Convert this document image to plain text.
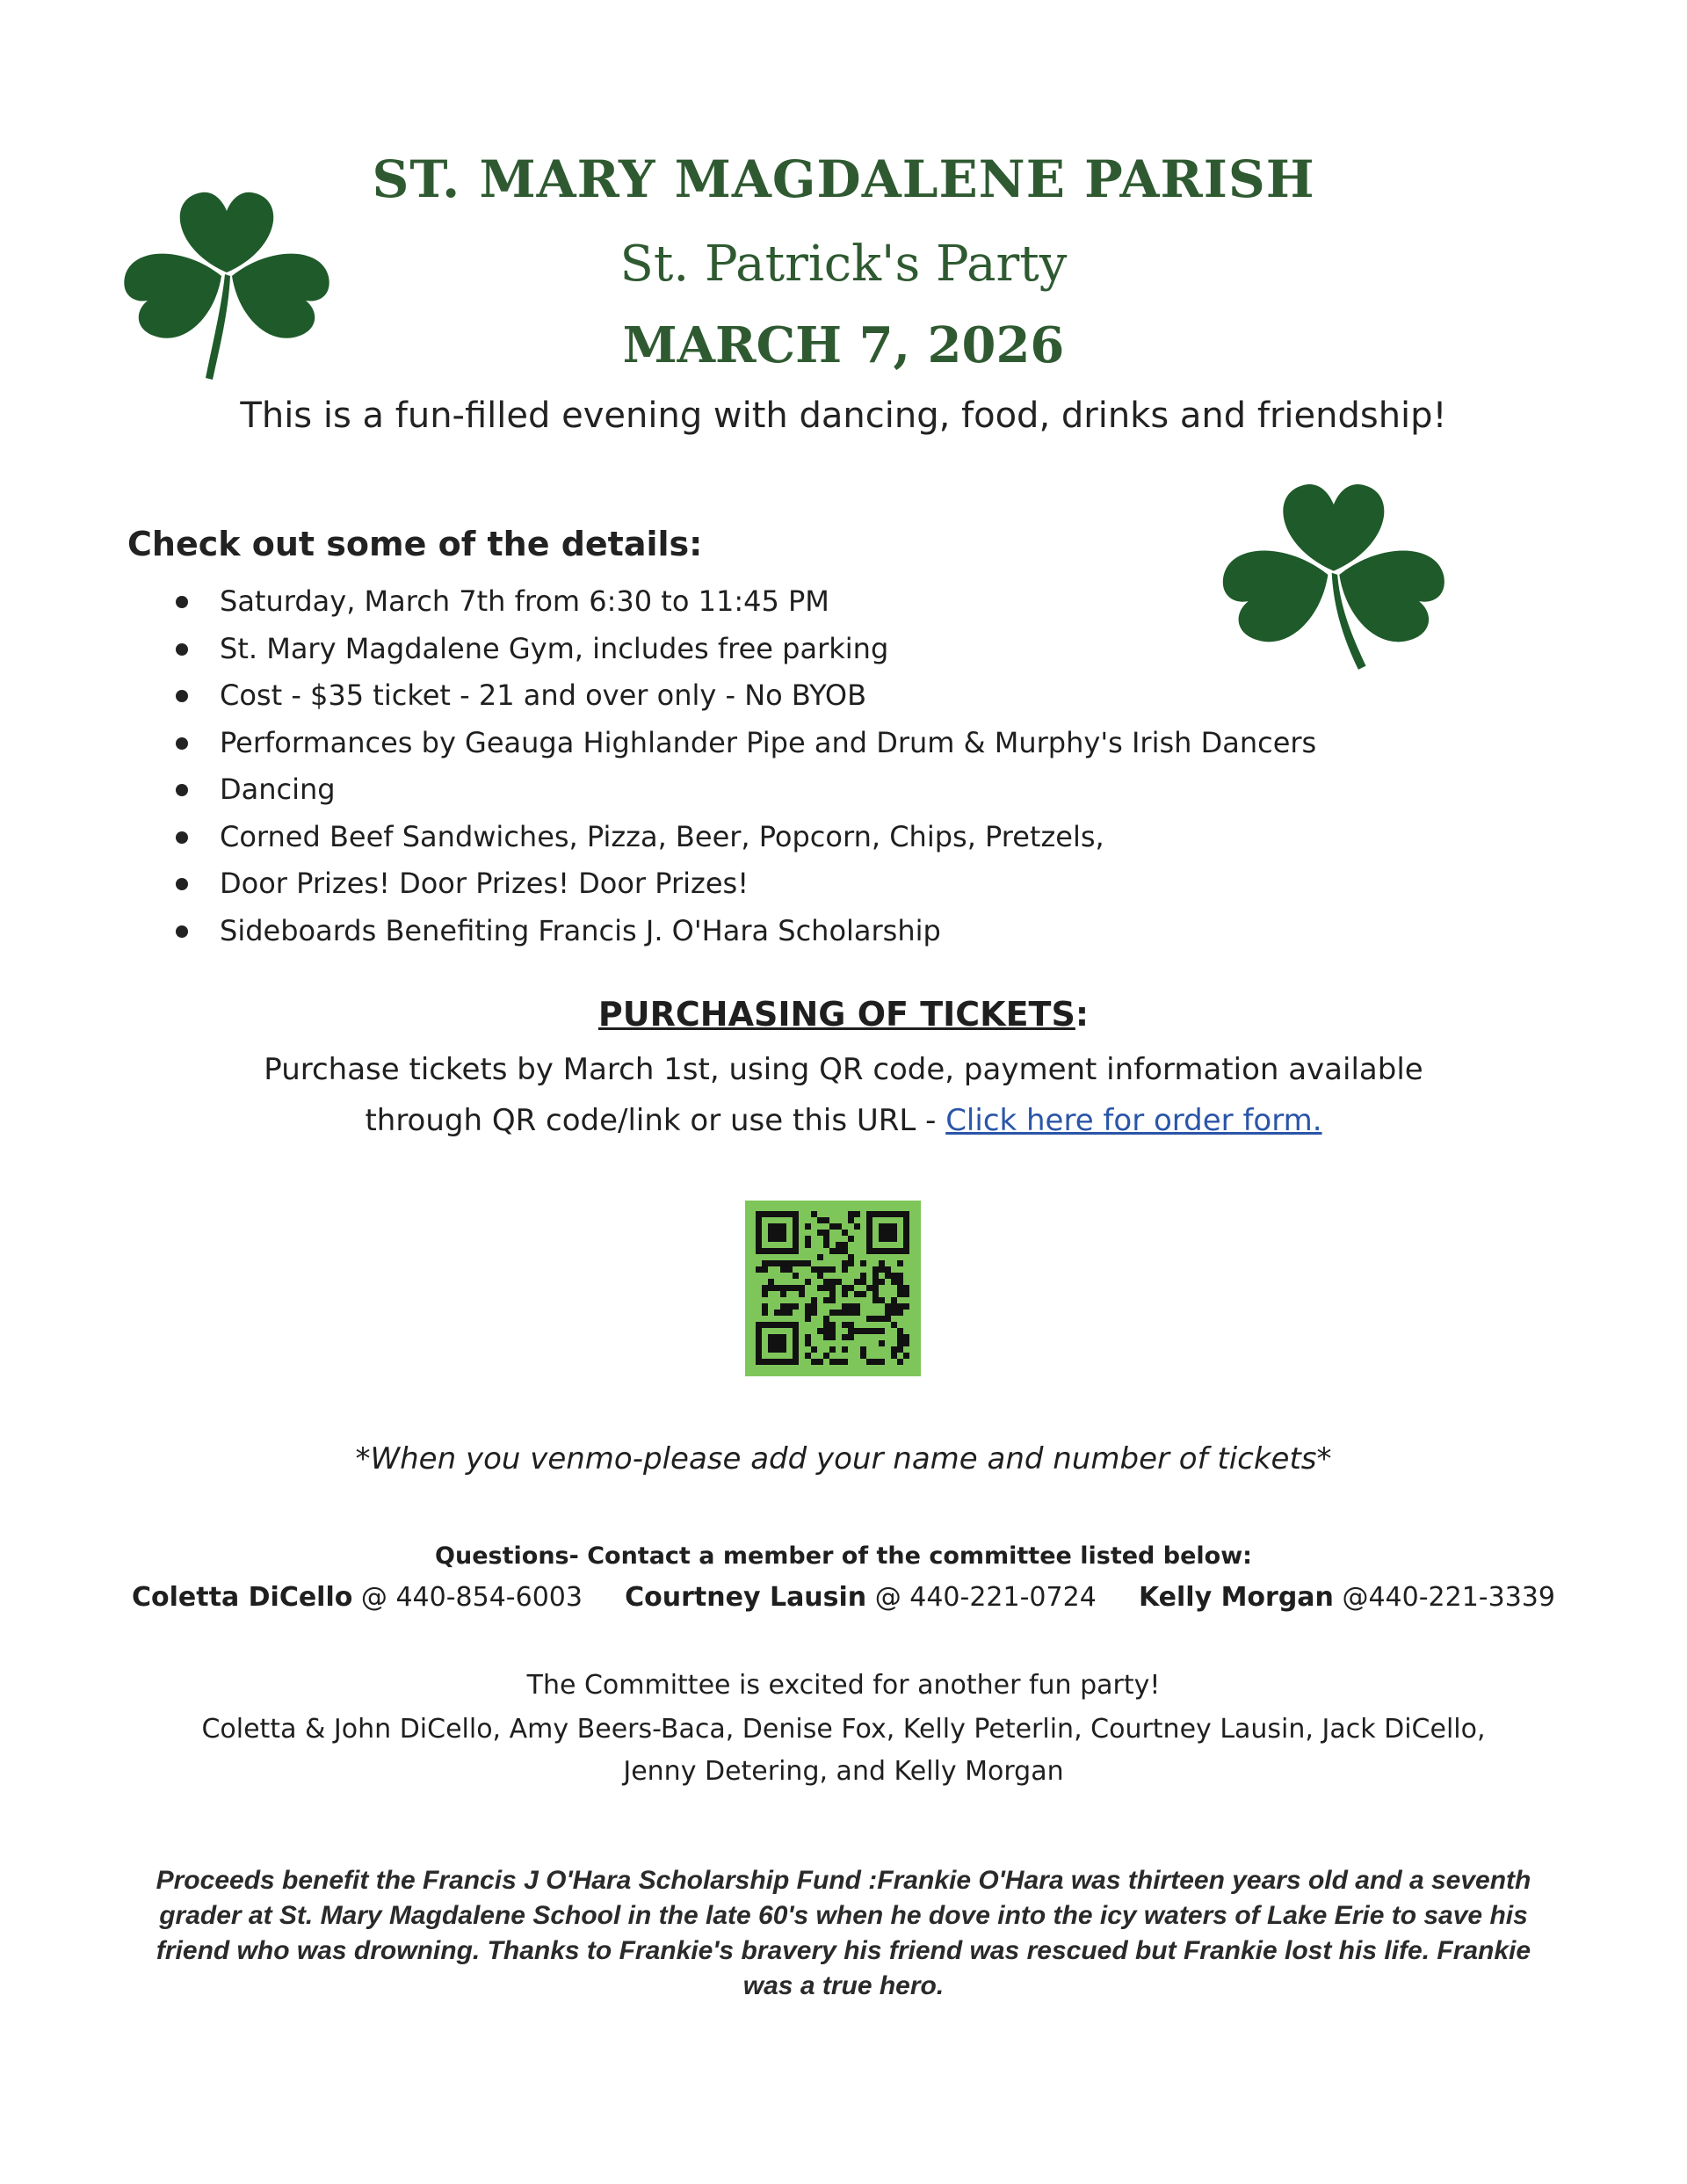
ST. MARY MAGDALENE PARISH
St. Patrick's Party
MARCH 7, 2026
This is a fun-filled evening with dancing, food, drinks and friendship!
Check out some of the details:
Saturday, March 7th from 6:30 to 11:45 PM
St. Mary Magdalene Gym, includes free parking
Cost - $35 ticket - 21 and over only - No BYOB
Performances by Geauga Highlander Pipe and Drum & Murphy's Irish Dancers
Dancing
Corned Beef Sandwiches, Pizza, Beer, Popcorn, Chips, Pretzels,
Door Prizes! Door Prizes! Door Prizes!
Sideboards Benefiting Francis J. O'Hara Scholarship
PURCHASING OF TICKETS:
Purchase tickets by March 1st, using QR code, payment information available
through QR code/link or use this URL - Click here for order form.
*When you venmo-please add your name and number of tickets*
Questions- Contact a member of the committee listed below:
Coletta DiCello @ 440-854-6003 Courtney Lausin @ 440-221-0724 Kelly Morgan @440-221-3339
The Committee is excited for another fun party!
Coletta & John DiCello, Amy Beers-Baca, Denise Fox, Kelly Peterlin, Courtney Lausin, Jack DiCello,
Jenny Detering, and Kelly Morgan
Proceeds benefit the Francis J O'Hara Scholarship Fund :Frankie O'Hara was thirteen years old and a seventh grader at St. Mary Magdalene School in the late 60's when he dove into the icy waters of Lake Erie to save his friend who was drowning. Thanks to Frankie's bravery his friend was rescued but Frankie lost his life. Frankie was a true hero.
